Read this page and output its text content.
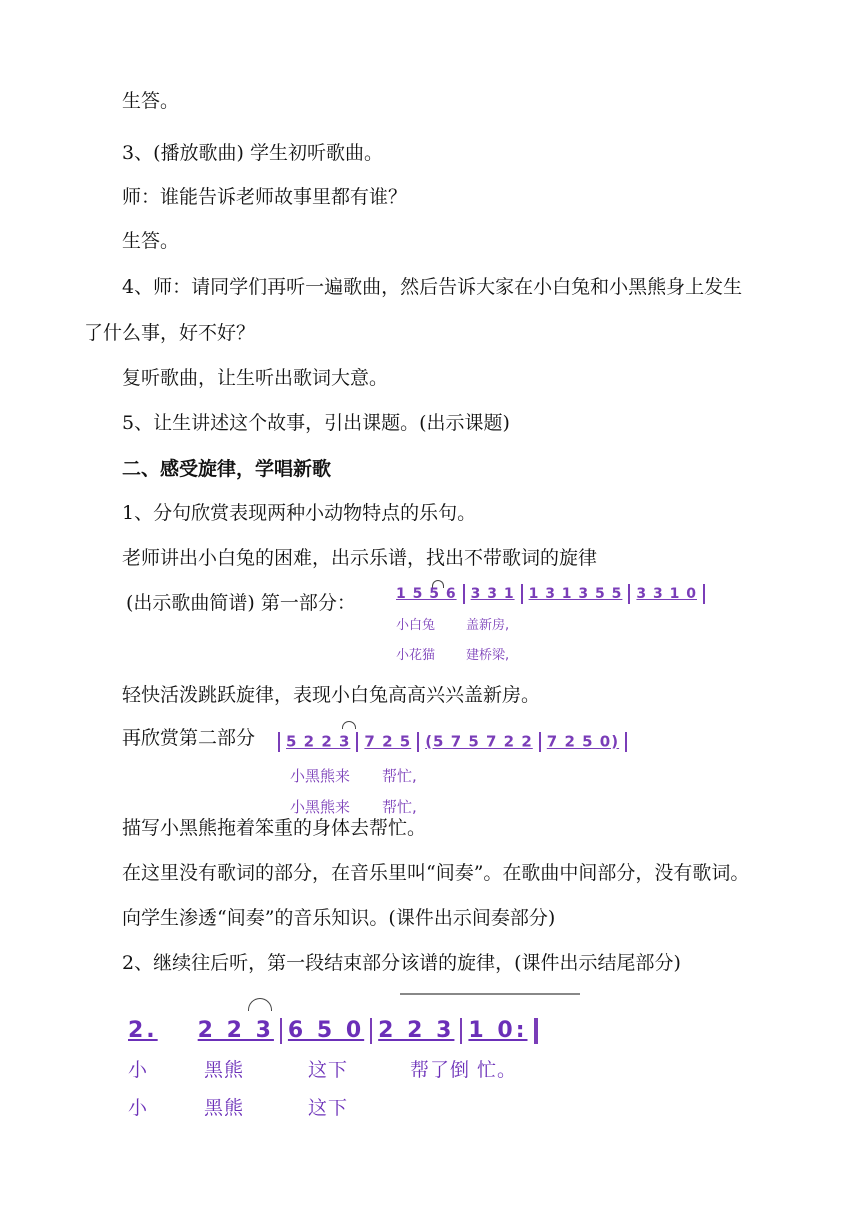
生答。
3、(播放歌曲) 学生初听歌曲。
师：谁能告诉老师故事里都有谁？
生答。
4、师：请同学们再听一遍歌曲，然后告诉大家在小白兔和小黑熊身上发生
了什么事，好不好？
复听歌曲，让生听出歌词大意。
5、让生讲述这个故事，引出课题。(出示课题)
二、感受旋律，学唱新歌
1、分句欣赏表现两种小动物特点的乐句。
老师讲出小白兔的困难，出示乐谱，找出不带歌词的旋律
(出示歌曲简谱) 第一部分：	1 5 5 6 3 3 1 1 3 1 3 5 5 3 3 1 0
小白兔 盖新房,
小花猫 建桥梁,
轻快活泼跳跃旋律，表现小白兔高高兴兴盖新房。
再欣赏第二部分	5 2 2 3 7 2 5 (5 7 5 7 2 2 7 2 5 0)
小黑熊来 帮忙,
小黑熊来 帮忙,
描写小黑熊拖着笨重的身体去帮忙。
在这里没有歌词的部分，在音乐里叫“间奏”。在歌曲中间部分，没有歌词。
向学生渗透“间奏”的音乐知识。(课件出示间奏部分)
2、继续往后听，第一段结束部分该谱的旋律，(课件出示结尾部分)
2. 2 2 3 6 5 0 2 2 3 1 0:
小	黑熊	这下	帮了倒 忙。
小	黑熊	这下
